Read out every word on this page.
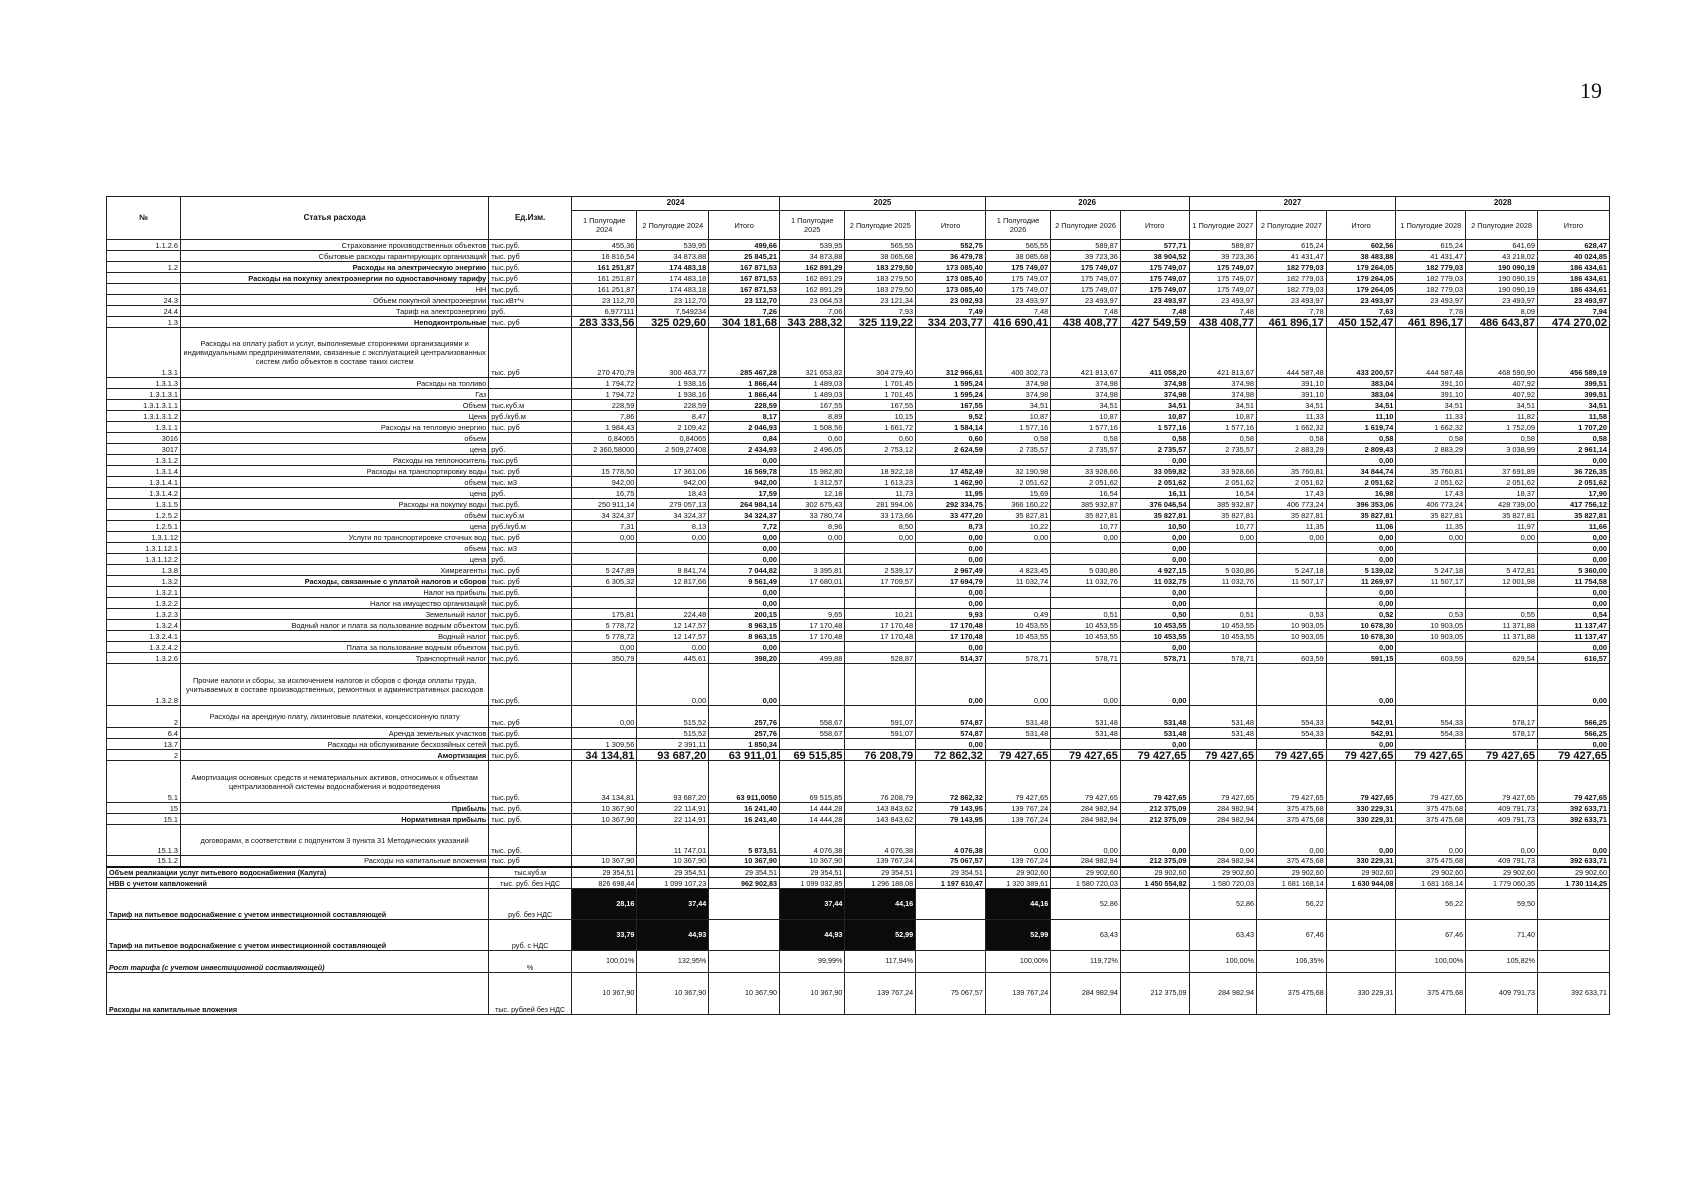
19
№	Статья расхода	Ед.Изм.	2024			2025			2026			2027			2028		
			1 Полугодие 2024	2 Полугодие 2024	Итого	1 Полугодие 2025	2 Полугодие 2025	Итого	1 Полугодие 2026	2 Полугодие 2026	Итого	1 Полугодие 2027	2 Полугодие 2027	Итого	1 Полугодие 2028	2 Полугодие 2028	Итого
1.1.2.6	Страхование производственных объектов	тыс.руб.	455,36	539,95	499,66	539,95	565,55	552,75	565,55	589,87	577,71	589,87	615,24	602,56	615,24	641,69	628,47
	Сбытовые расходы гарантирующих организаций	тыс. руб	16 816,54	34 873,88	25 845,21	34 873,88	38 065,68	36 479,78	38 085,68	39 723,36	38 904,52	39 723,36	41 431,47	38 483,88	41 431,47	43 218,02	40 024,85
1.2	Расходы на электрическую энергию	тыс.руб.	161 251,87	174 483,18	167 871,53	162 891,29	183 279,50	173 085,40	175 749,07	175 749,07	175 749,07	175 749,07	182 779,03	179 264,05	182 779,03	190 090,19	186 434,61
	Расходы на покупку электроэнергии по одноставочному тарифу	тыс.руб	161 251,87	174 483,18	167 871,53	162 891,29	183 279,50	173 085,40	175 749,07	175 749,07	175 749,07	175 749,07	182 779,03	179 264,05	182 779,03	190 090,19	186 434,61
	НН	тыс.руб.	161 251,87	174 483,18	167 871,53	162 891,29	183 279,50	173 085,40	175 749,07	175 749,07	175 749,07	175 749,07	182 779,03	179 264,05	182 779,03	190 090,19	186 434,61
24.3	Объем покупной электроэнергии	тыс.кВт*ч	23 112,70	23 112,70	23 112,70	23 064,53	23 121,34	23 092,93	23 493,97	23 493,97	23 493,97	23 493,97	23 493,97	23 493,97	23 493,97	23 493,97	23 493,97
24.4	Тариф на электроэнергию	руб.	6,977111	7,549234	7,26	7,06	7,93	7,49	7,48	7,48	7,48	7,48	7,78	7,63	7,78	8,09	7,94
1.3	Неподконтрольные	тыс. руб	283 333,56	325 029,60	304 181,68	343 288,32	325 119,22	334 203,77	416 690,41	438 408,77	427 549,59	438 408,77	461 896,17	450 152,47	461 896,17	486 643,87	474 270,02
1.3.1	Расходы на оплату работ и услуг, выполняемые сторонними организациями и индивидуальными предпринимателями, связанные с эксплуатацией централизованных систем либо объектов в составе таких систем	тыс. руб	270 470,79	300 463,77	285 467,28	321 653,82	304 279,40	312 966,61	400 302,73	421 813,67	411 058,20	421 813,67	444 587,48	433 200,57	444 587,48	468 590,90	456 589,19
1.3.1.3	Расходы на топливо		1 794,72	1 938,16	1 866,44	1 489,03	1 701,45	1 595,24	374,98	374,98	374,98	374,98	391,10	383,04	391,10	407,92	399,51
1.3.1.3.1	Газ		1 794,72	1 938,16	1 866,44	1 489,03	1 701,45	1 595,24	374,98	374,98	374,98	374,98	391,10	383,04	391,10	407,92	399,51
1.3.1.3.1.1	Объем	тыс.куб.м	228,59	228,59	228,59	167,55	167,55	167,55	34,51	34,51	34,51	34,51	34,51	34,51	34,51	34,51	34,51
1.3.1.3.1.2	Цена	руб./куб.м	7,86	8,47	8,17	8,89	10,15	9,52	10,87	10,87	10,87	10,87	11,33	11,10	11,33	11,82	11,58
1.3.1.1	Расходы на тепловую энергию	тыс. руб	1 984,43	2 109,42	2 046,93	1 508,56	1 661,72	1 584,14	1 577,16	1 577,16	1 577,16	1 577,16	1 662,32	1 619,74	1 662,32	1 752,09	1 707,20
3016	объем		0,84065	0,84065	0,84	0,60	0,60	0,60	0,58	0,58	0,58	0,58	0,58	0,58	0,58	0,58	0,58
3017	цена	руб.	2 360,58000	2 509,27408	2 434,93	2 496,05	2 753,12	2 624,59	2 735,57	2 735,57	2 735,57	2 735,57	2 883,29	2 809,43	2 883,29	3 038,99	2 961,14
1.3.1.2	Расходы на теплоноситель	тыс.руб			0,00						0,00			0,00			0,00
1.3.1.4	Расходы на транспортировку воды	тыс. руб	15 778,50	17 361,06	16 569,78	15 982,80	18 922,18	17 452,49	32 190,98	33 928,66	33 059,82	33 928,66	35 760,81	34 844,74	35 760,81	37 691,89	36 726,35
1.3.1.4.1	объем	тыс. м3	942,00	942,00	942,00	1 312,57	1 613,23	1 462,90	2 051,62	2 051,62	2 051,62	2 051,62	2 051,62	2 051,62	2 051,62	2 051,62	2 051,62
1.3.1.4.2	цена	руб.	16,75	18,43	17,59	12,18	11,73	11,95	15,69	16,54	16,11	16,54	17,43	16,98	17,43	18,37	17,90
1.3.1.5	Расходы на покупку воды	тыс.руб.	250 911,14	279 057,13	264 984,14	302 675,43	281 994,06	292 334,75	366 160,22	385 932,87	376 046,54	385 932,87	406 773,24	396 353,06	406 773,24	428 739,00	417 756,12
1.2.5.2	объём	тыс.куб.м	34 324,37	34 324,37	34 324,37	33 780,74	33 173,66	33 477,20	35 827,81	35 827,81	35 827,81	35 827,81	35 827,81	35 827,81	35 827,81	35 827,81	35 827,81
1.2.5.1	цена	руб./куб.м	7,31	8,13	7,72	8,96	8,50	8,73	10,22	10,77	10,50	10,77	11,35	11,06	11,35	11,97	11,66
1.3.1.12	Услуги по транспортировке сточных вод	тыс. руб	0,00	0,00	0,00	0,00	0,00	0,00	0,00	0,00	0,00	0,00	0,00	0,00	0,00	0,00	0,00
1.3.1.12.1	объем	тыс. м3			0,00			0,00			0,00			0,00			0,00
1.3.1.12.2	цена	руб.			0,00			0,00			0,00			0,00			0,00
1.3.8	Химреагенты	тыс. руб	5 247,89	8 841,74	7 044,82	3 395,81	2 539,17	2 967,49	4 823,45	5 030,86	4 927,15	5 030,86	5 247,18	5 139,02	5 247,18	5 472,81	5 360,00
1.3.2	Расходы, связанные с уплатой налогов и сборов	тыс. руб	6 305,32	12 817,66	9 561,49	17 680,01	17 709,57	17 694,79	11 032,74	11 032,76	11 032,75	11 032,76	11 507,17	11 269,97	11 507,17	12 001,98	11 754,58
1.3.2.1	Налог на прибыль	тыс.руб.			0,00			0,00			0,00			0,00			0,00
1.3.2.2	Налог на имущество организаций	тыс.руб.			0,00			0,00			0,00			0,00			0,00
1.3.2.3	Земельный налог	тыс.руб.	175,81	224,48	200,15	9,65	10,21	9,93	0,49	0,51	0,50	0,51	0,53	0,52	0,53	0,55	0,54
1.3.2.4	Водный налог и плата за пользование водным объектом	тыс.руб.	5 778,72	12 147,57	8 963,15	17 170,48	17 170,48	17 170,48	10 453,55	10 453,55	10 453,55	10 453,55	10 903,05	10 678,30	10 903,05	11 371,88	11 137,47
1.3.2.4.1	Водный налог	тыс.руб.	5 778,72	12 147,57	8 963,15	17 170,48	17 170,48	17 170,48	10 453,55	10 453,55	10 453,55	10 453,55	10 903,05	10 678,30	10 903,05	11 371,88	11 137,47
1.3.2.4.2	Плата за пользование водным объектом	тыс.руб.	0,00	0,00	0,00			0,00			0,00			0,00			0,00
1.3.2.6	Транспортный налог	тыс.руб.	350,79	445,61	398,20	499,88	528,87	514,37	578,71	578,71	578,71	578,71	603,59	591,15	603,59	629,54	616,57
1.3.2.8	Прочие налоги и сборы, за исключением налогов и сборов с фонда оплаты труда, учитываемых в составе производственных, ремонтных и административных расходов	тыс.руб.		0,00	0,00			0,00	0,00	0,00	0,00			0,00			0,00
2	Расходы на арендную плату, лизинговые платежи, концессионную плату	тыс. руб	0,00	515,52	257,76	558,67	591,07	574,87	531,48	531,48	531,48	531,48	554,33	542,91	554,33	578,17	566,25
6.4	Аренда земельных участков	тыс.руб.		515,52	257,76	558,67	591,07	574,87	531,48	531,48	531,48	531,48	554,33	542,91	554,33	578,17	566,25
13.7	Расходы на обслуживание бесхозяйных сетей	тыс.руб.	1 309,56	2 391,11	1 850,34			0,00			0,00			0,00			0,00
2	Амортизация	тыс.руб.	34 134,81	93 687,20	63 911,01	69 515,85	76 208,79	72 862,32	79 427,65	79 427,65	79 427,65	79 427,65	79 427,65	79 427,65	79 427,65	79 427,65	79 427,65
5.1	Амортизация основных средств и нематериальных активов, относимых к объектам централизованной системы водоснабжения и водоотведения	тыс.руб.	34 134,81	93 687,20	63 911,0050	69 515,85	76 208,79	72 862,32	79 427,65	79 427,65	79 427,65	79 427,65	79 427,65	79 427,65	79 427,65	79 427,65	79 427,65
15	Прибыль	тыс. руб.	10 367,90	22 114,91	16 241,40	14 444,28	143 843,62	79 143,95	139 767,24	284 982,94	212 375,09	284 982,94	375 475,68	330 229,31	375 475,68	409 791,73	392 633,71
15.1	Нормативная прибыль	тыс. руб.	10 367,90	22 114,91	16 241,40	14 444,28	143 843,62	79 143,95	139 767,24	284 982,94	212 375,09	284 982,94	375 475,68	330 229,31	375 475,68	409 791,73	392 633,71
15.1.3	договорами, в соответствии с подпунктом 3 пункта 31 Методических указаний	тыс. руб.		11 747,01	5 873,51	4 076,38	4 076,38	4 076,38	0,00	0,00	0,00	0,00	0,00	0,00	0,00	0,00	0,00
15.1.2	Расходы на капитальные вложения	тыс. руб	10 367,90	10 367,90	10 367,90	10 367,90	139 767,24	75 067,57	139 767,24	284 982,94	212 375,09	284 982,94	375 475,68	330 229,31	375 475,68	409 791,73	392 633,71
Объем реализации услуг питьевого водоснабжения (Калуга)		тыс.куб.м	29 354,51	29 354,51	29 354,51	29 354,51	29 354,51	29 354,51	29 902,60	29 902,60	29 902,60	29 902,60	29 902,60	29 902,60	29 902,60	29 902,60	29 902,60
НВВ с учетом капвложений		тыс. руб. без НДС	826 698,44	1 099 107,23	962 902,83	1 099 032,85	1 296 188,08	1 197 610,47	1 320 389,61	1 580 720,03	1 450 554,82	1 580 720,03	1 681 168,14	1 630 944,08	1 681 168,14	1 779 060,35	1 730 114,25
Тариф на питьевое водоснабжение с учетом инвестиционной составляющей		руб. без НДС	28,16	37,44		37,44	44,16		44,16	52,86		52,86	56,22		56,22	59,50	
Тариф на питьевое водоснабжение с учетом инвестиционной составляющей		руб. с НДС	33,79	44,93		44,93	52,99		52,99	63,43		63,43	67,46		67,46	71,40	
Рост тарифа (с учетом инвестиционной составляющей)		%	100,01%	132,95%		99,99%	117,94%		100,00%	119,72%		100,00%	106,35%		100,00%	105,82%	
Расходы на капитальные вложения		тыс. рублей без НДС	10 367,90	10 367,90	10 367,90	10 367,90	139 767,24	75 067,57	139 767,24	284 982,94	212 375,09	284 982,94	375 475,68	330 229,31	375 475,68	409 791,73	392 633,71
